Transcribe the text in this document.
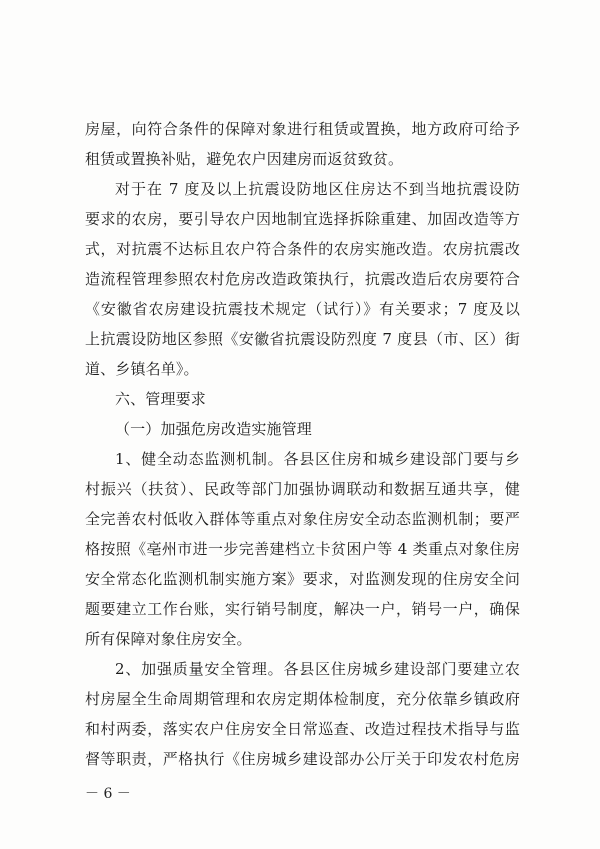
房屋，向符合条件的保障对象进行租赁或置换，地方政府可给予
租赁或置换补贴，避免农户因建房而返贫致贫。
对于在 7 度及以上抗震设防地区住房达不到当地抗震设防
要求的农房，要引导农户因地制宜选择拆除重建、加固改造等方
式，对抗震不达标且农户符合条件的农房实施改造。农房抗震改
造流程管理参照农村危房改造政策执行，抗震改造后农房要符合
《安徽省农房建设抗震技术规定（试行）》有关要求；7 度及以
上抗震设防地区参照《安徽省抗震设防烈度 7 度县（市、区）街
道、乡镇名单》。
六、管理要求
（一）加强危房改造实施管理
1、健全动态监测机制。各县区住房和城乡建设部门要与乡
村振兴（扶贫）、民政等部门加强协调联动和数据互通共享，健
全完善农村低收入群体等重点对象住房安全动态监测机制；要严
格按照《亳州市进一步完善建档立卡贫困户等 4 类重点对象住房
安全常态化监测机制实施方案》要求，对监测发现的住房安全问
题要建立工作台账，实行销号制度，解决一户，销号一户，确保
所有保障对象住房安全。
2、加强质量安全管理。各县区住房城乡建设部门要建立农
村房屋全生命周期管理和农房定期体检制度，充分依靠乡镇政府
和村两委，落实农户住房安全日常巡查、改造过程技术指导与监
督等职责，严格执行《住房城乡建设部办公厅关于印发农村危房
－ 6 －
